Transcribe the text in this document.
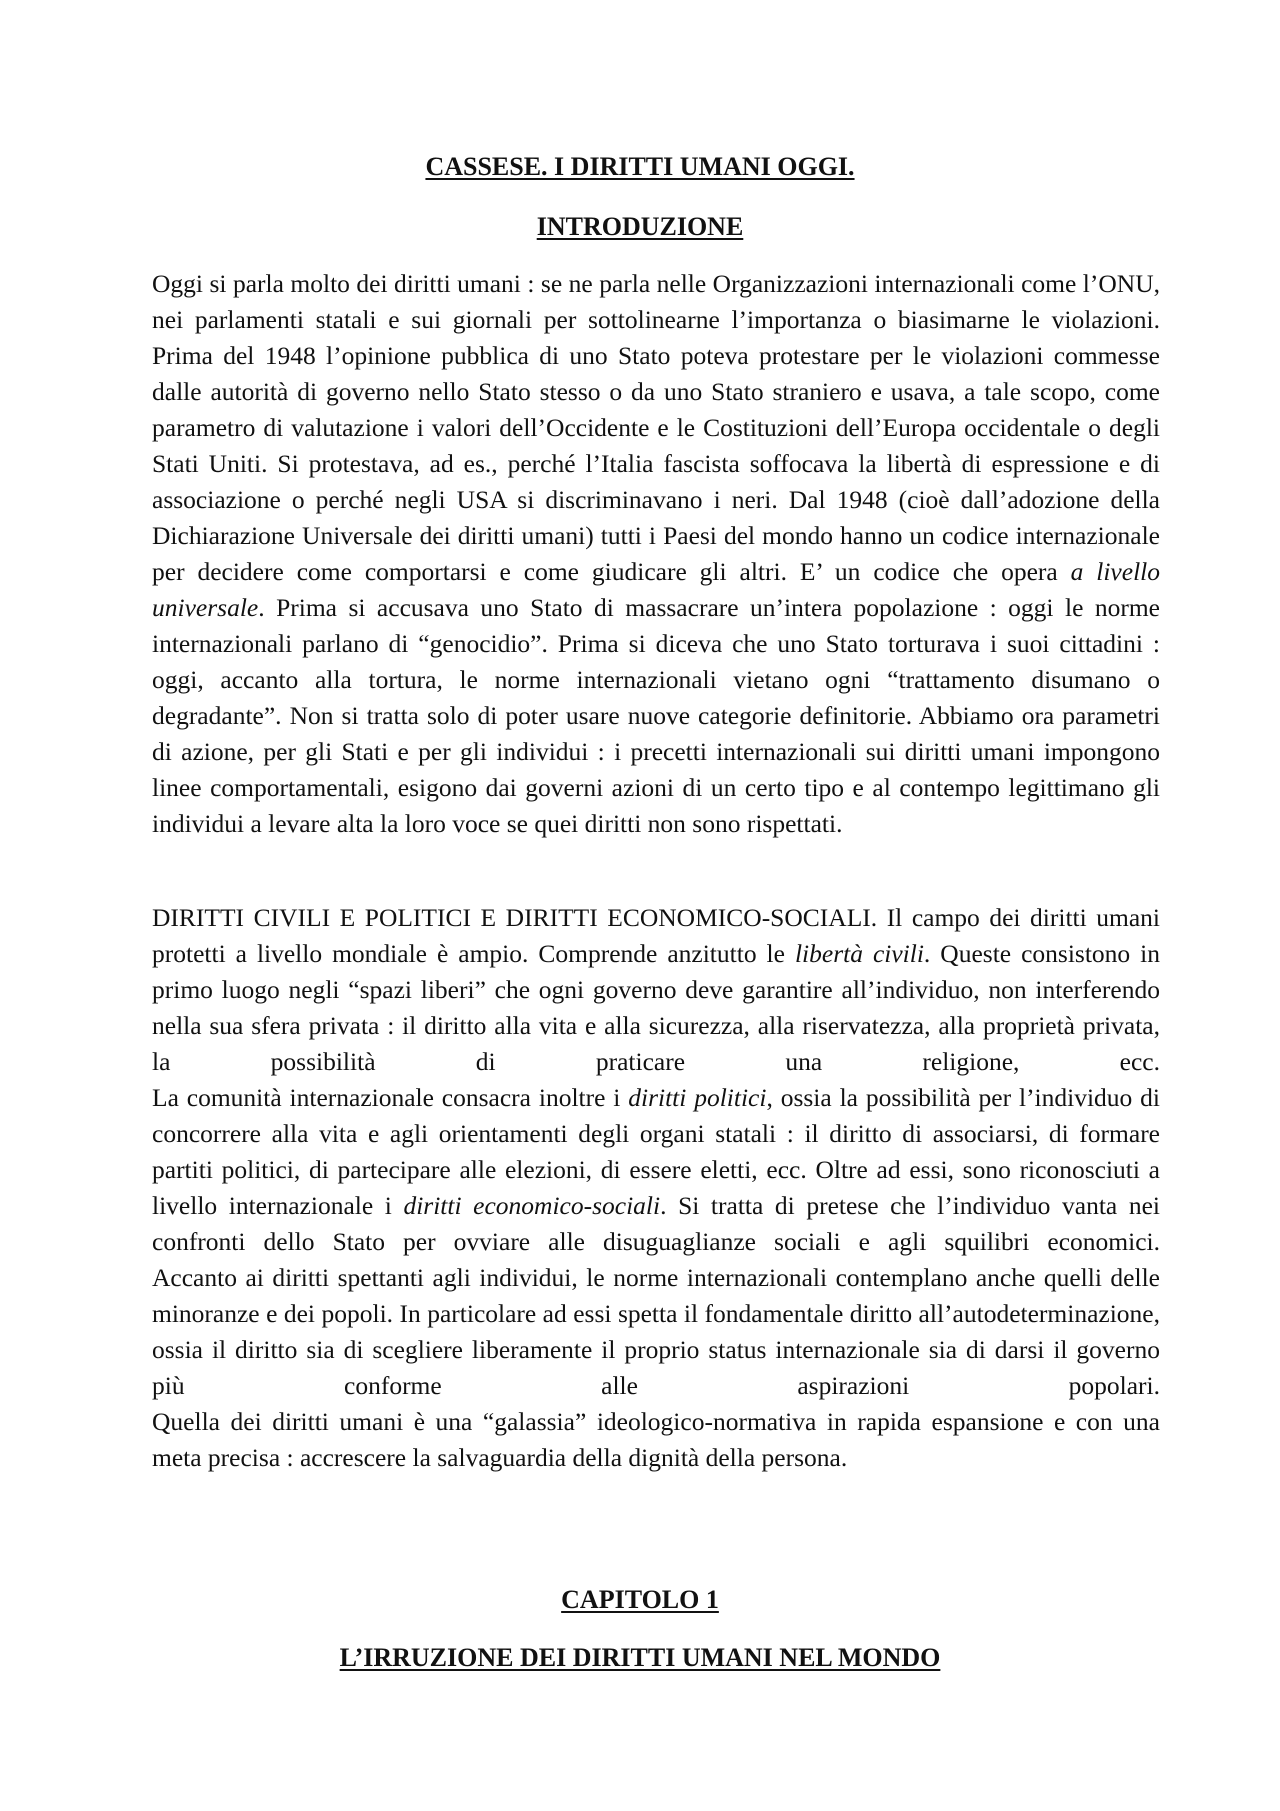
CASSESE. I DIRITTI UMANI OGGI.
INTRODUZIONE

Oggi si parla molto dei diritti umani : se ne parla nelle Organizzazioni internazionali come l’ONU, nei parlamenti statali e sui giornali per sottolinearne l’importanza o biasimarne le violazioni. Prima del 1948 l’opinione pubblica di uno Stato poteva protestare per le violazioni commesse dalle autorità di governo nello Stato stesso o da uno Stato straniero e usava, a tale scopo, come parametro di valutazione i valori dell’Occidente e le Costituzioni dell’Europa occidentale o degli Stati Uniti. Si protestava, ad es., perché l’Italia fascista soffocava la libertà di espressione e di associazione o perché negli USA si discriminavano i neri. Dal 1948 (cioè dall’adozione della Dichiarazione Universale dei diritti umani) tutti i Paesi del mondo hanno un codice internazionale per decidere come comportarsi e come giudicare gli altri. E’ un codice che opera a livello universale. Prima si accusava uno Stato di massacrare un’intera popolazione : oggi le norme internazionali parlano di “genocidio”. Prima si diceva che uno Stato torturava i suoi cittadini : oggi, accanto alla tortura, le norme internazionali vietano ogni “trattamento disumano o degradante”. Non si tratta solo di poter usare nuove categorie definitorie. Abbiamo ora parametri di azione, per gli Stati e per gli individui : i precetti internazionali sui diritti umani impongono linee comportamentali, esigono dai governi azioni di un certo tipo e al contempo legittimano gli individui a levare alta la loro voce se quei diritti non sono rispettati.

DIRITTI CIVILI E POLITICI E DIRITTI ECONOMICO-SOCIALI. Il campo dei diritti umani protetti a livello mondiale è ampio. Comprende anzitutto le libertà civili. Queste consistono in primo luogo negli “spazi liberi” che ogni governo deve garantire all’individuo, non interferendo nella sua sfera privata : il diritto alla vita e alla sicurezza, alla riservatezza, alla proprietà privata, la possibilità di praticare una religione, ecc.
La comunità internazionale consacra inoltre i diritti politici, ossia la possibilità per l’individuo di concorrere alla vita e agli orientamenti degli organi statali : il diritto di associarsi, di formare partiti politici, di partecipare alle elezioni, di essere eletti, ecc. Oltre ad essi, sono riconosciuti a livello internazionale i diritti economico-sociali. Si tratta di pretese che l’individuo vanta nei confronti dello Stato per ovviare alle disuguaglianze sociali e agli squilibri economici.
Accanto ai diritti spettanti agli individui, le norme internazionali contemplano anche quelli delle minoranze e dei popoli. In particolare ad essi spetta il fondamentale diritto all’autodeterminazione, ossia il diritto sia di scegliere liberamente il proprio status internazionale sia di darsi il governo più conforme alle aspirazioni popolari.
Quella dei diritti umani è una “galassia” ideologico-normativa in rapida espansione e con una meta precisa : accrescere la salvaguardia della dignità della persona.
CAPITOLO 1
L’IRRUZIONE DEI DIRITTI UMANI NEL MONDO
